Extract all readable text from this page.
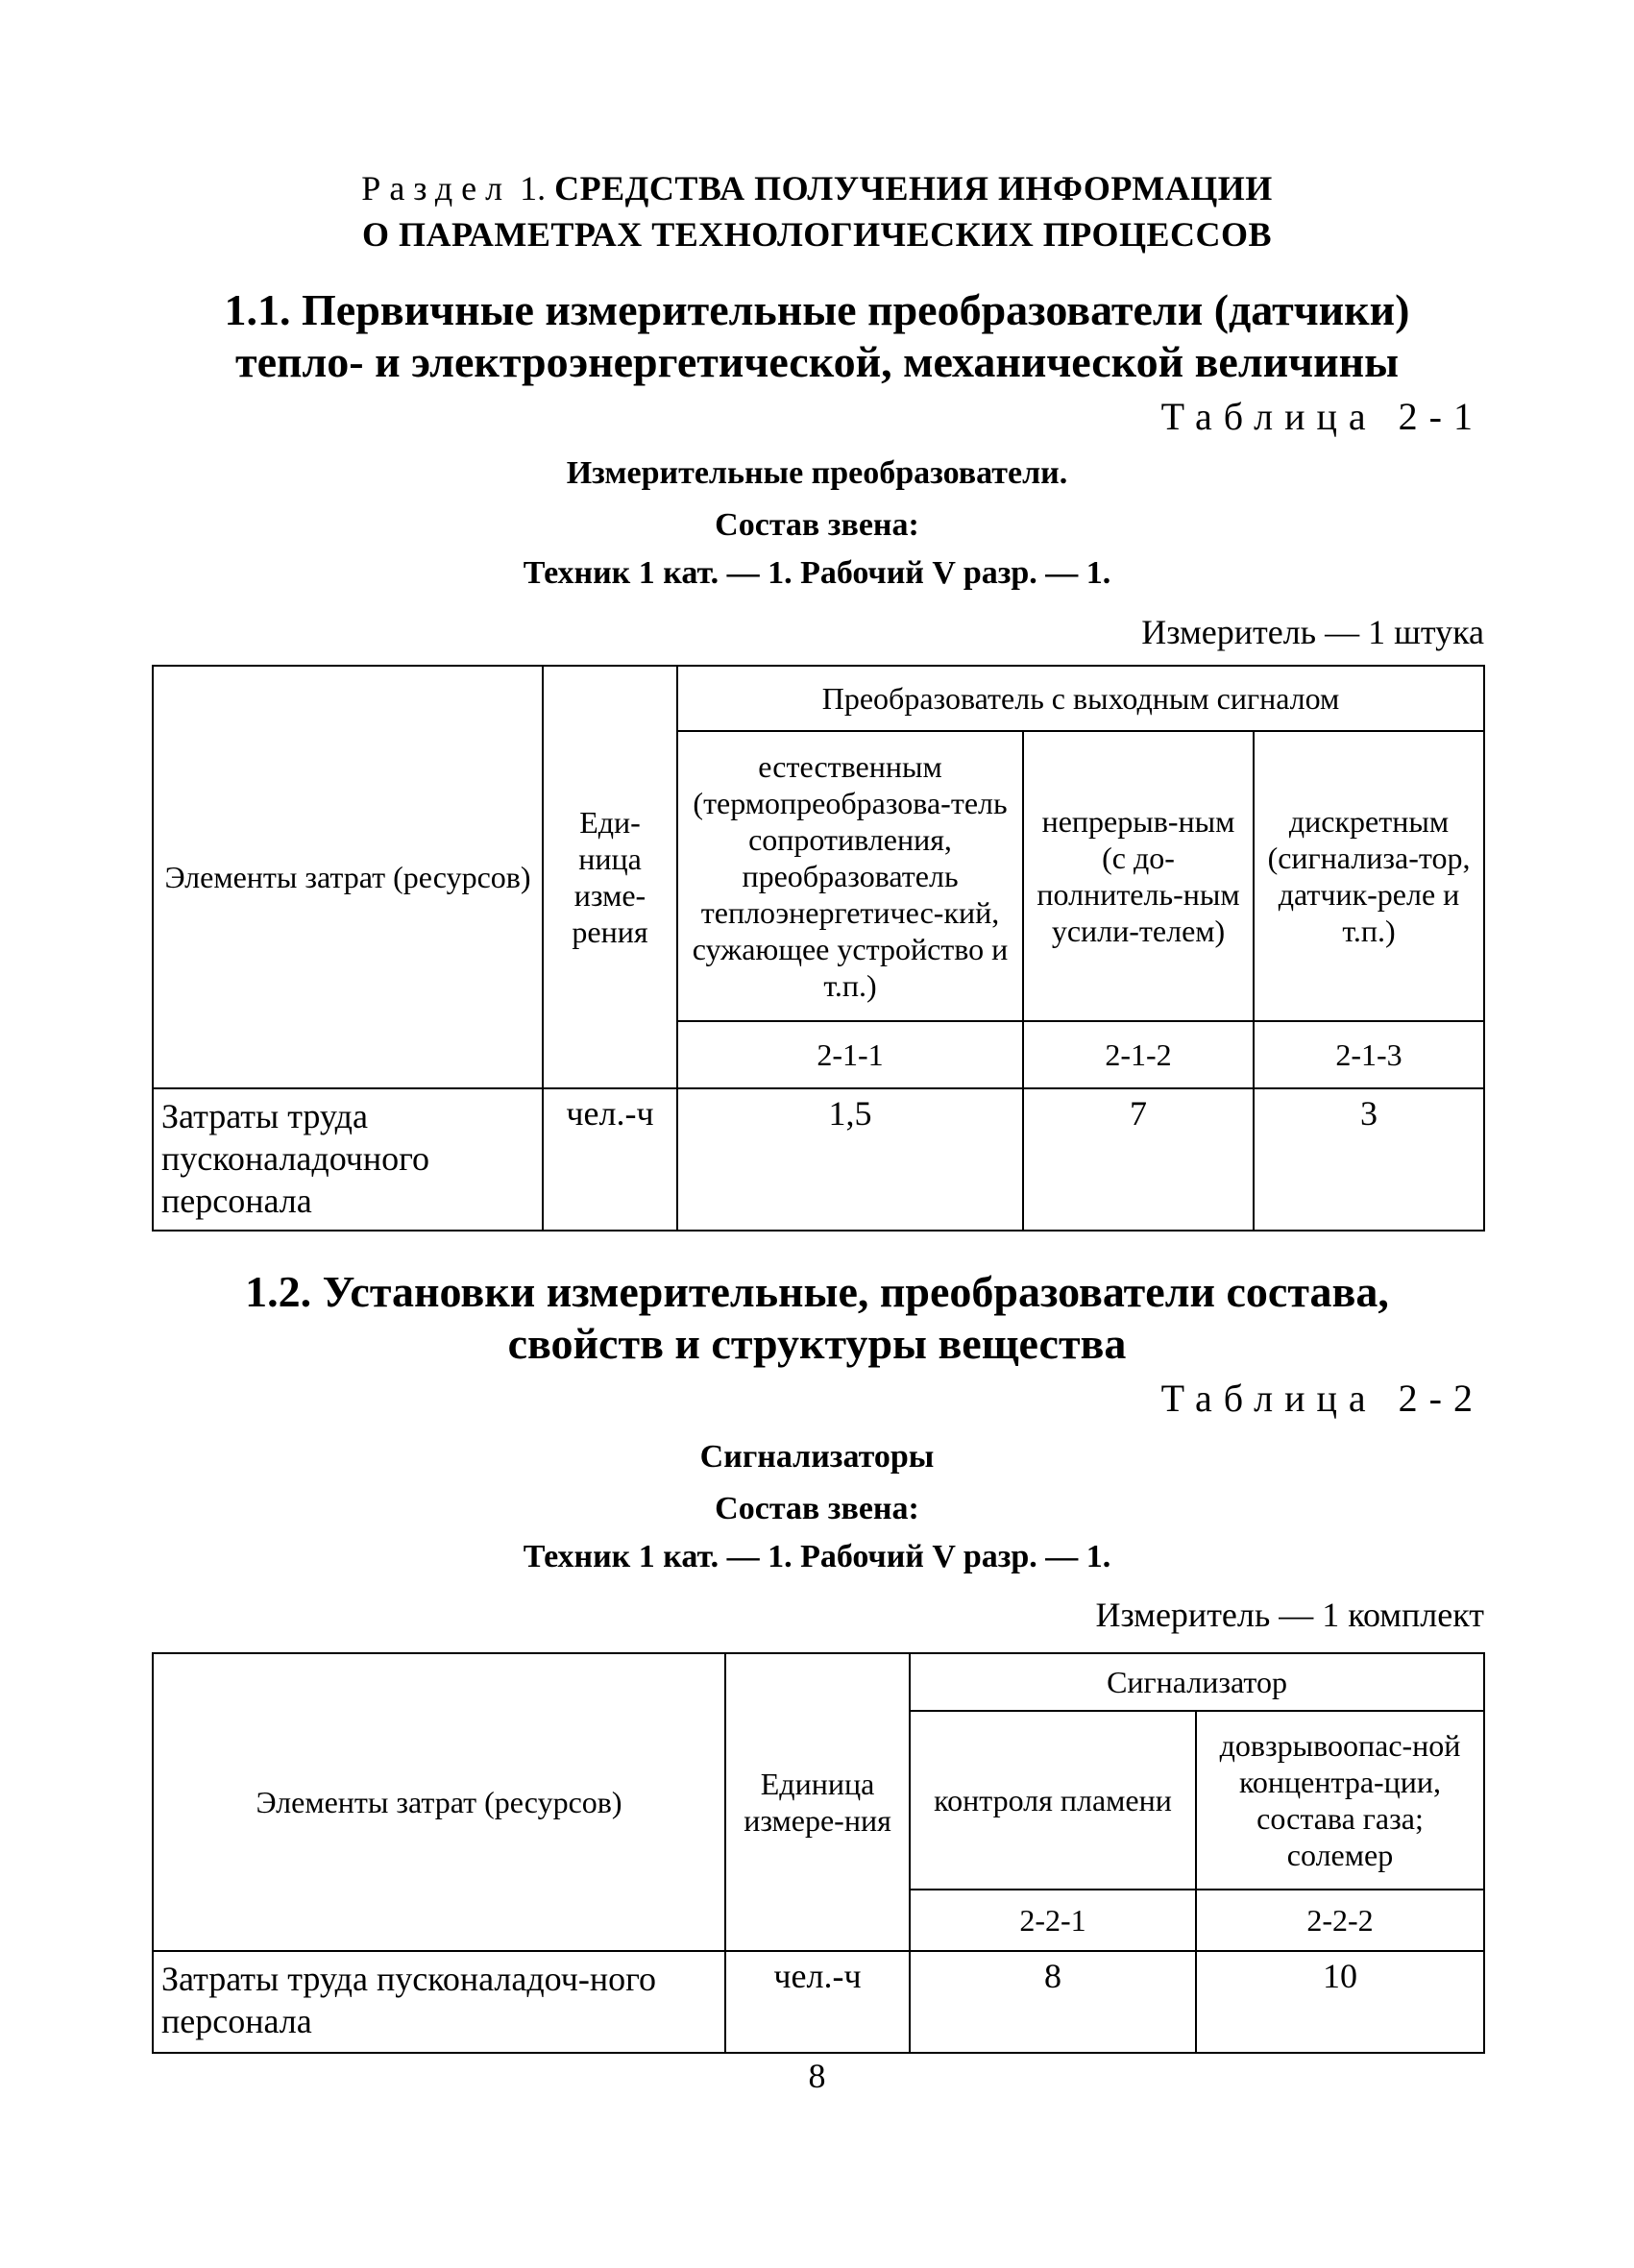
Раздел 1. СРЕДСТВА ПОЛУЧЕНИЯ ИНФОРМАЦИИ
О ПАРАМЕТРАХ ТЕХНОЛОГИЧЕСКИХ ПРОЦЕССОВ
1.1. Первичные измерительные преобразователи (датчики)
тепло- и электроэнергетической, механической величины
Таблица 2-1
Измерительные преобразователи.
Состав звена:
Техник 1 кат. — 1. Рабочий V разр. — 1.
Измеритель — 1 штука
Элементы затрат (ресурсов)	Еди-ница изме-рения	Преобразователь с выходным сигналом		
		естественным (термопреобразова-тель сопротивления, преобразователь теплоэнергетичес-кий, сужающее устройство и т.п.)	непрерыв-ным (с до-полнитель-ным усили-телем)	дискретным (сигнализа-тор, датчик-реле и т.п.)
		2-1-1	2-1-2	2-1-3
Затраты труда пусконаладочного персонала	чел.-ч	1,5	7	3
1.2. Установки измерительные, преобразователи состава,
свойств и структуры вещества
Таблица 2-2
Сигнализаторы
Состав звена:
Техник 1 кат. — 1. Рабочий V разр. — 1.
Измеритель — 1 комплект
Элементы затрат (ресурсов)	Единица измере-ния	Сигнализатор	
		контроля пламени	довзрывоопас-ной концентра-ции, состава газа; солемер
		2-2-1	2-2-2
Затраты труда пусконаладоч-ного персонала	чел.-ч	8	10
8
